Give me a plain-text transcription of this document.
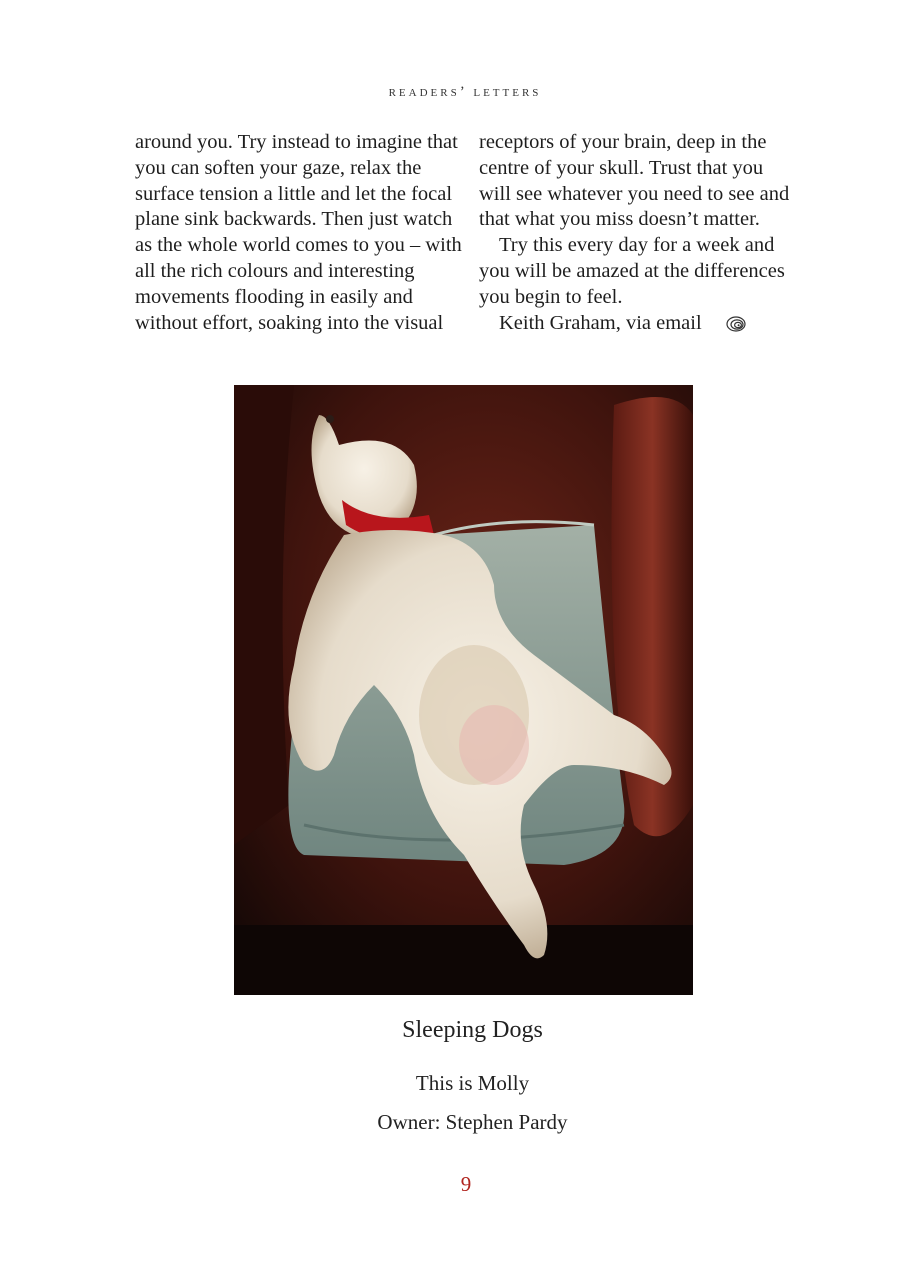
readers’ letters

around you. Try instead to imagine that you can soften your gaze, relax the surface tension a little and let the focal plane sink backwards. Then just watch as the whole world comes to you – with all the rich colours and interesting movements flooding in easily and without effort, soaking into the visual

receptors of your brain, deep in the centre of your skull. Trust that you will see whatever you need to see and that what you miss doesn’t matter.

Try this every day for a week and you will be amazed at the differences you begin to feel.

Keith Graham, via email

Sleeping Dogs
This is Molly
Owner: Stephen Pardy
9
